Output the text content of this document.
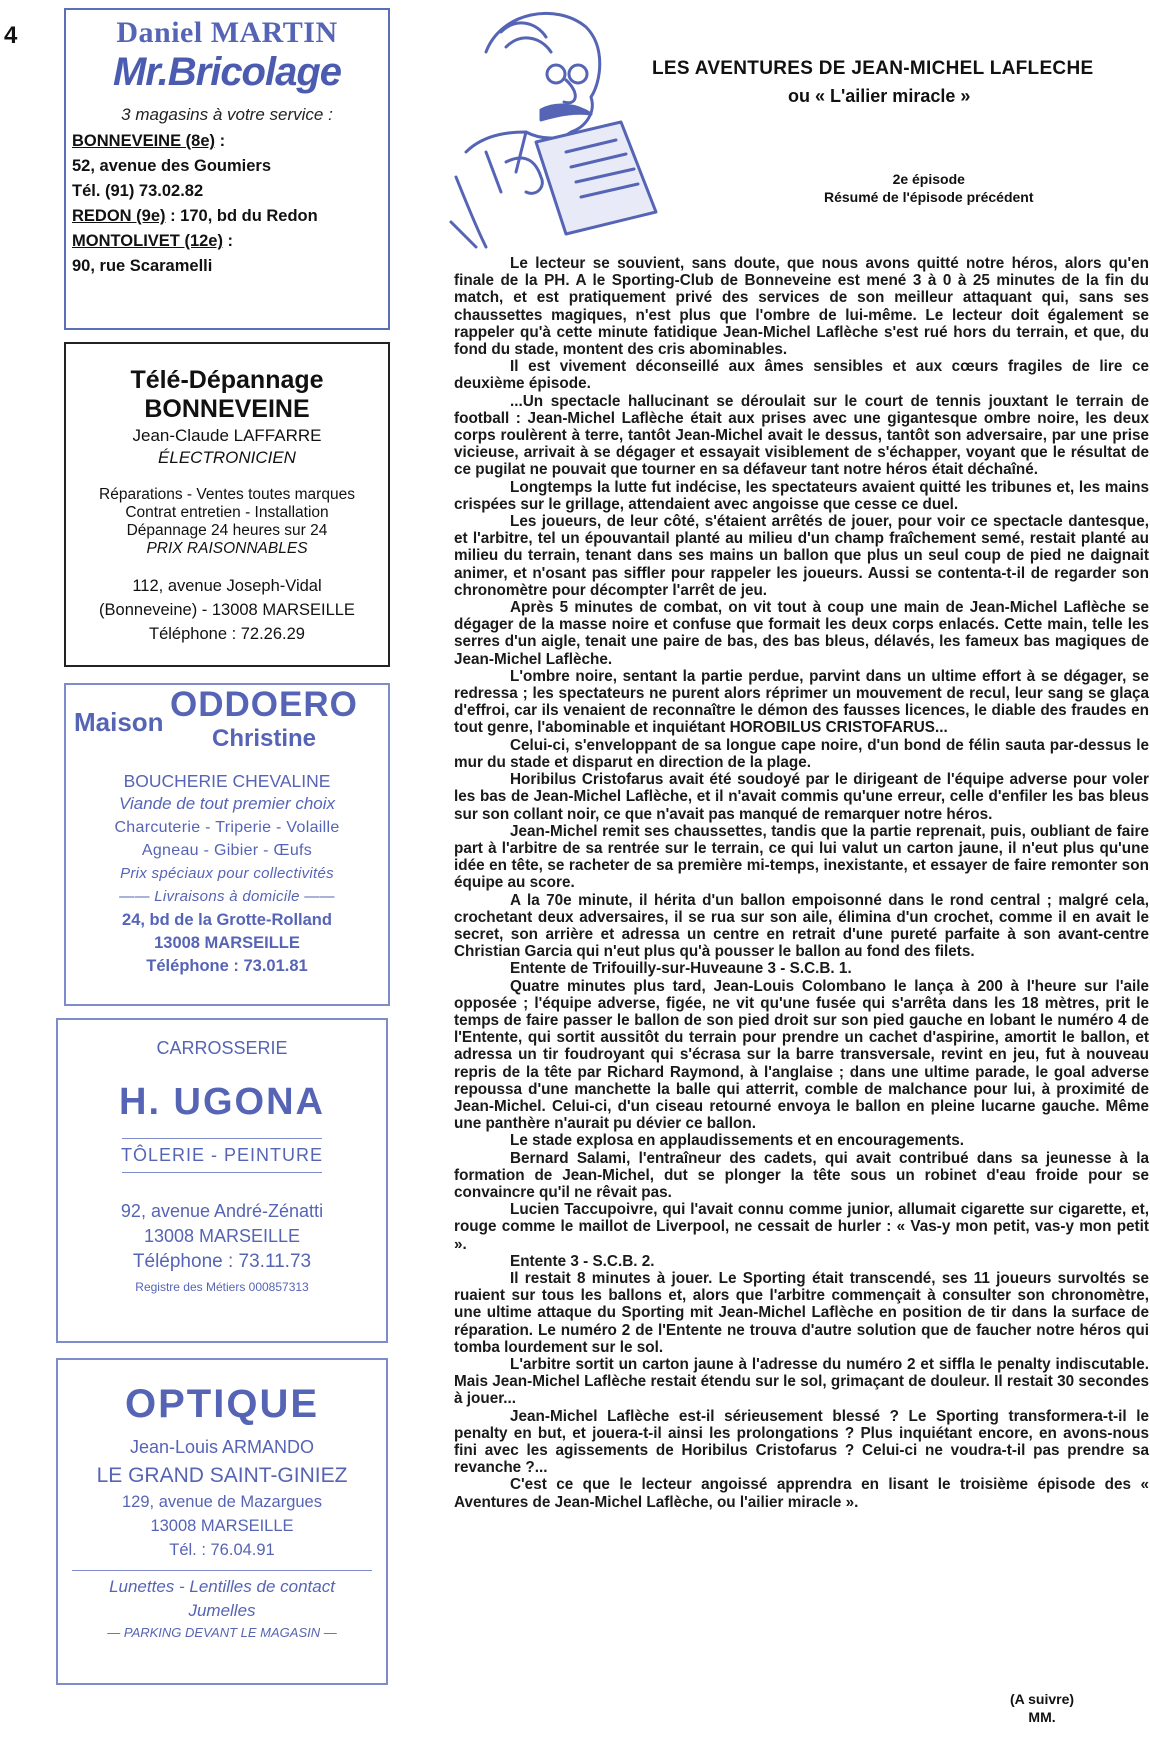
4	Daniel MARTIN
Mr.Bricolage
3 magasins à votre service :
BONNEVEINE (8e) :
52, avenue des Goumiers
Tél. (91) 73.02.82
REDON (9e) : 170, bd du Redon
MONTOLIVET (12e) :
90, rue Scaramelli
Télé-Dépannage
BONNEVEINE
Jean-Claude LAFFARRE
ÉLECTRONICIEN
Réparations - Ventes toutes marques
Contrat entretien - Installation
Dépannage 24 heures sur 24
PRIX RAISONNABLES
112, avenue Joseph-Vidal
(Bonneveine) - 13008 MARSEILLE
Téléphone : 72.26.29
Maison ODDOERO
Christine
BOUCHERIE CHEVALINE
Viande de tout premier choix
Charcuterie - Triperie - Volaille
Agneau - Gibier - Œufs
Prix spéciaux pour collectivités
—— Livraisons à domicile ——
24, bd de la Grotte-Rolland
13008 MARSEILLE
Téléphone : 73.01.81
CARROSSERIE
H. UGONA
TÔLERIE - PEINTURE
92, avenue André-Zénatti
13008 MARSEILLE
Téléphone : 73.11.73
Registre des Métiers 000857313
OPTIQUE
Jean-Louis ARMANDO
LE GRAND SAINT-GINIEZ
129, avenue de Mazargues
13008 MARSEILLE
Tél. : 76.04.91
Lunettes - Lentilles de contact
Jumelles
— PARKING DEVANT LE MAGASIN —
LES AVENTURES DE JEAN-MICHEL LAFLECHE
ou « L'ailier miracle »
2e épisode
Résumé de l'épisode précédent

Le lecteur se souvient, sans doute, que nous avons quitté notre héros, alors qu'en finale de la PH. A le Sporting-Club de Bonneveine est mené 3 à 0 à 25 minutes de la fin du match, et est pratiquement privé des services de son meilleur attaquant qui, sans ses chaussettes magiques, n'est plus que l'ombre de lui-même. Le lecteur doit également se rappeler qu'à cette minute fatidique Jean-Michel Laflèche s'est rué hors du terrain, et que, du fond du stade, montent des cris abominables.

Il est vivement déconseillé aux âmes sensibles et aux cœurs fragiles de lire ce deuxième épisode.

...Un spectacle hallucinant se déroulait sur le court de tennis jouxtant le terrain de football : Jean-Michel Laflèche était aux prises avec une gigantesque ombre noire, les deux corps roulèrent à terre, tantôt Jean-Michel avait le dessus, tantôt son adversaire, par une prise vicieuse, arrivait à se dégager et essayait visiblement de s'échapper, voyant que le résultat de ce pugilat ne pouvait que tourner en sa défaveur tant notre héros était déchaîné.

Longtemps la lutte fut indécise, les spectateurs avaient quitté les tribunes et, les mains crispées sur le grillage, attendaient avec angoisse que cesse ce duel.

Les joueurs, de leur côté, s'étaient arrêtés de jouer, pour voir ce spectacle dantesque, et l'arbitre, tel un épouvantail planté au milieu d'un champ fraîchement semé, restait planté au milieu du terrain, tenant dans ses mains un ballon que plus un seul coup de pied ne daignait animer, et n'osant pas siffler pour rappeler les joueurs. Aussi se contenta-t-il de regarder son chronomètre pour décompter l'arrêt de jeu.

Après 5 minutes de combat, on vit tout à coup une main de Jean-Michel Laflèche se dégager de la masse noire et confuse que formait les deux corps enlacés. Cette main, telle les serres d'un aigle, tenait une paire de bas, des bas bleus, délavés, les fameux bas magiques de Jean-Michel Laflèche.

L'ombre noire, sentant la partie perdue, parvint dans un ultime effort à se dégager, se redressa ; les spectateurs ne purent alors réprimer un mouvement de recul, leur sang se glaça d'effroi, car ils venaient de reconnaître le démon des fausses licences, le diable des fraudes en tout genre, l'abominable et inquiétant HOROBILUS CRISTOFARUS...

Celui-ci, s'enveloppant de sa longue cape noire, d'un bond de félin sauta par-dessus le mur du stade et disparut en direction de la plage.

Horibilus Cristofarus avait été soudoyé par le dirigeant de l'équipe adverse pour voler les bas de Jean-Michel Laflèche, et il n'avait commis qu'une erreur, celle d'enfiler les bas bleus sur son collant noir, ce que n'avait pas manqué de remarquer notre héros.

Jean-Michel remit ses chaussettes, tandis que la partie reprenait, puis, oubliant de faire part à l'arbitre de sa rentrée sur le terrain, ce qui lui valut un carton jaune, il n'eut plus qu'une idée en tête, se racheter de sa première mi-temps, inexistante, et essayer de faire remonter son équipe au score.

A la 70e minute, il hérita d'un ballon empoisonné dans le rond central ; malgré cela, crochetant deux adversaires, il se rua sur son aile, élimina d'un crochet, comme il en avait le secret, son arrière et adressa un centre en retrait d'une pureté parfaite à son avant-centre Christian Garcia qui n'eut plus qu'à pousser le ballon au fond des filets.

Entente de Trifouilly-sur-Huveaune 3 - S.C.B. 1.

Quatre minutes plus tard, Jean-Louis Colombano le lança à 200 à l'heure sur l'aile opposée ; l'équipe adverse, figée, ne vit qu'une fusée qui s'arrêta dans les 18 mètres, prit le temps de faire passer le ballon de son pied droit sur son pied gauche en lobant le numéro 4 de l'Entente, qui sortit aussitôt du terrain pour prendre un cachet d'aspirine, amortit le ballon, et adressa un tir foudroyant qui s'écrasa sur la barre transversale, revint en jeu, fut à nouveau repris de la tête par Richard Raymond, à l'anglaise ; dans une ultime parade, le goal adverse repoussa d'une manchette la balle qui atterrit, comble de malchance pour lui, à proximité de Jean-Michel. Celui-ci, d'un ciseau retourné envoya le ballon en pleine lucarne gauche. Même une panthère n'aurait pu dévier ce ballon.

Le stade explosa en applaudissements et en encouragements.

Bernard Salami, l'entraîneur des cadets, qui avait contribué dans sa jeunesse à la formation de Jean-Michel, dut se plonger la tête sous un robinet d'eau froide pour se convaincre qu'il ne rêvait pas.

Lucien Taccupoivre, qui l'avait connu comme junior, allumait cigarette sur cigarette, et, rouge comme le maillot de Liverpool, ne cessait de hurler : « Vas-y mon petit, vas-y mon petit ».

Entente 3 - S.C.B. 2.

Il restait 8 minutes à jouer. Le Sporting était transcendé, ses 11 joueurs survoltés se ruaient sur tous les ballons et, alors que l'arbitre commençait à consulter son chronomètre, une ultime attaque du Sporting mit Jean-Michel Laflèche en position de tir dans la surface de réparation. Le numéro 2 de l'Entente ne trouva d'autre solution que de faucher notre héros qui tomba lourdement sur le sol.

L'arbitre sortit un carton jaune à l'adresse du numéro 2 et siffla le penalty indiscutable. Mais Jean-Michel Laflèche restait étendu sur le sol, grimaçant de douleur. Il restait 30 secondes à jouer...

Jean-Michel Laflèche est-il sérieusement blessé ? Le Sporting transformera-t-il le penalty en but, et jouera-t-il ainsi les prolongations ? Plus inquiétant encore, en avons-nous fini avec les agissements de Horibilus Cristofarus ? Celui-ci ne voudra-t-il pas prendre sa revanche ?...

C'est ce que le lecteur angoissé apprendra en lisant le troisième épisode des « Aventures de Jean-Michel Laflèche, ou l'ailier miracle ».

(A suivre)
MM.
